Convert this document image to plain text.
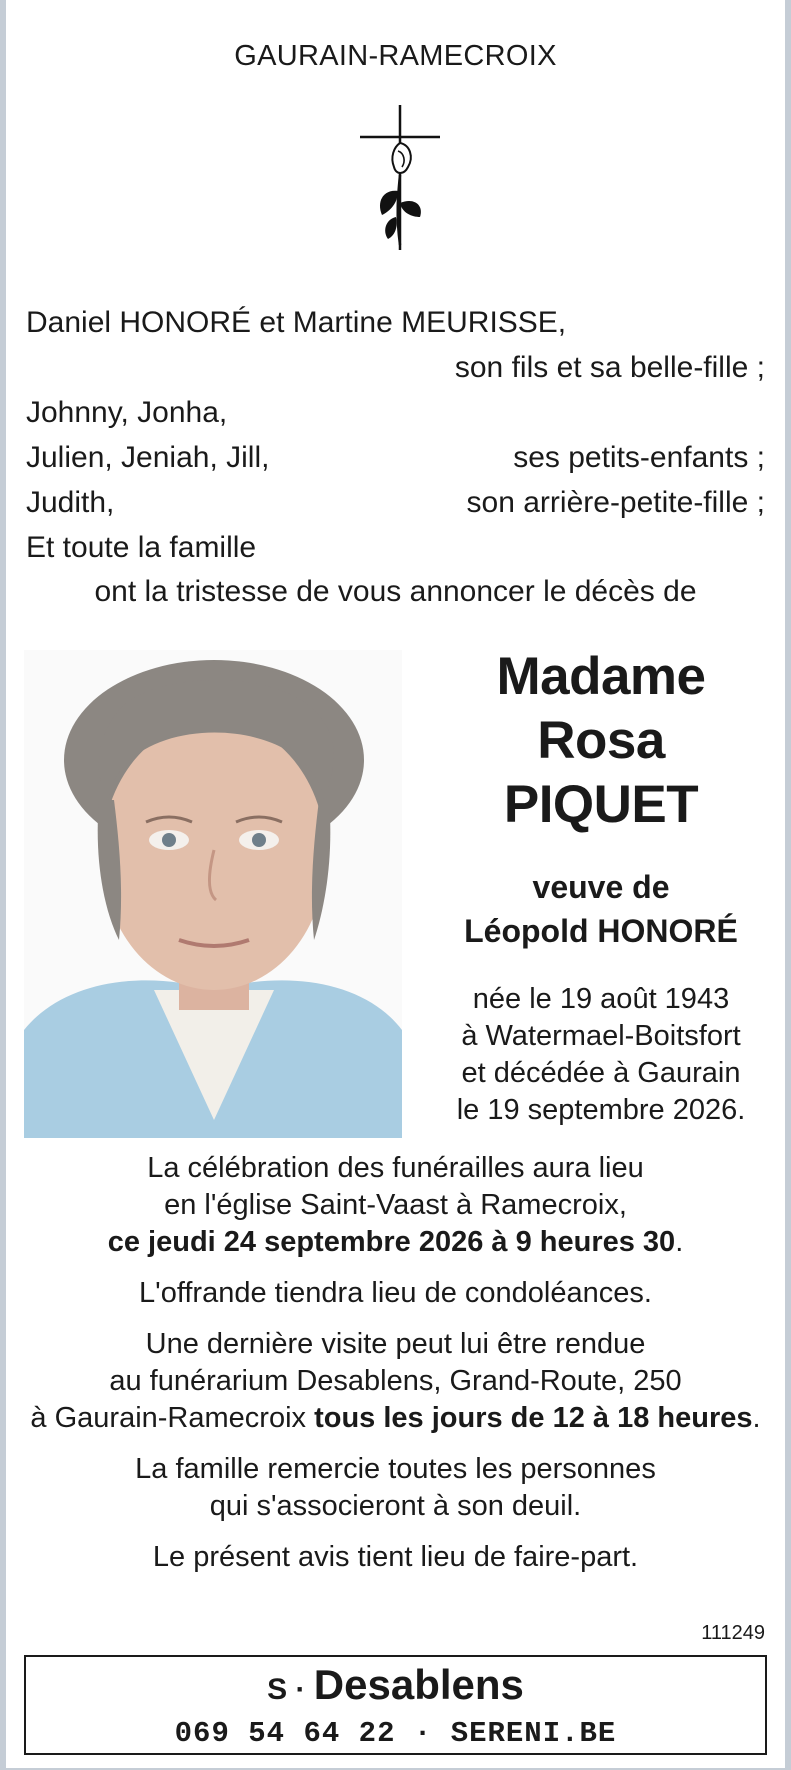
GAURAIN-RAMECROIX
Daniel HONORÉ et Martine MEURISSE,
son fils et sa belle-fille ;
Johnny, Jonha,
Julien, Jeniah, Jill,	ses petits-enfants ;
Judith,	son arrière-petite-fille ;
Et toute la famille
ont la tristesse de vous annoncer le décès de
Madame
Rosa
PIQUET
veuve de
Léopold HONORÉ
née le 19 août 1943
à Watermael-Boitsfort
et décédée à Gaurain
le 19 septembre 2026.

La célébration des funérailles aura lieu
en l'église Saint-Vaast à Ramecroix,
ce jeudi 24 septembre 2026 à 9 heures 30.

L'offrande tiendra lieu de condoléances.

Une dernière visite peut lui être rendue
au funérarium Desablens, Grand-Route, 250
à Gaurain-Ramecroix tous les jours de 12 à 18 heures.

La famille remercie toutes les personnes
qui s'associeront à son deuil.

Le présent avis tient lieu de faire-part.

111249
S · Desablens
069 54 64 22 · SERENI.BE
